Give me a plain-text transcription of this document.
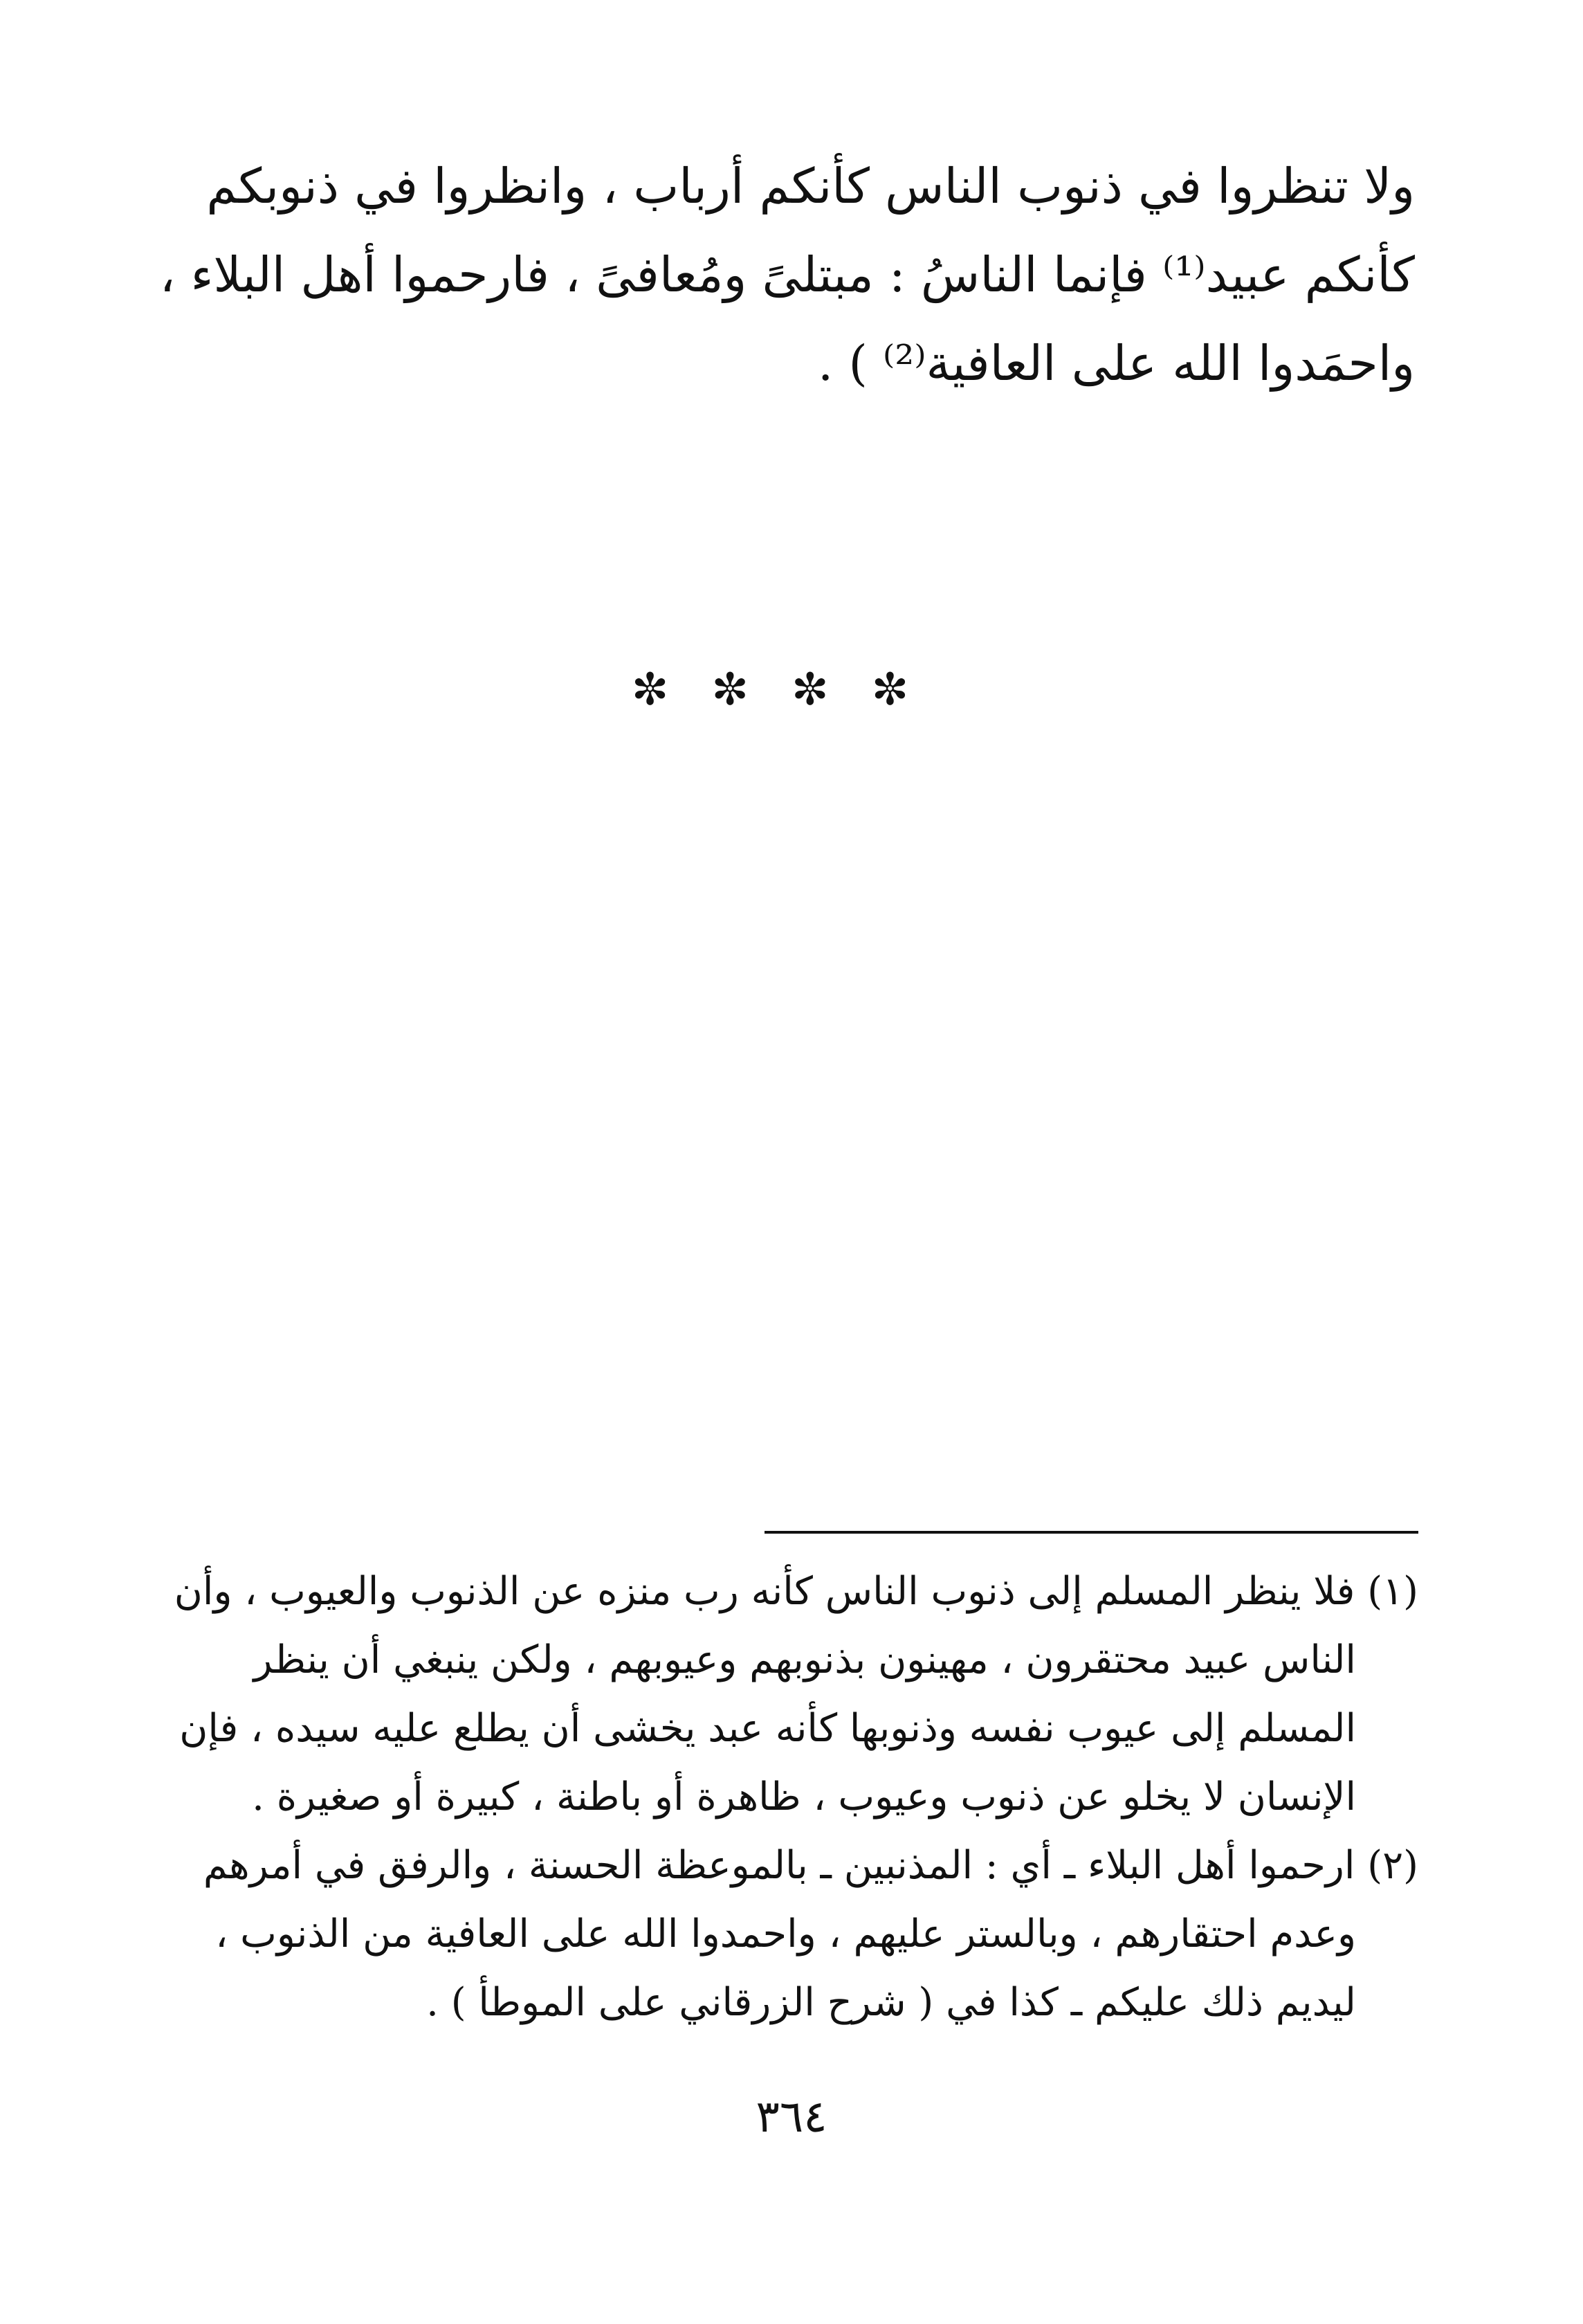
ولا تنظروا في ذنوب الناس كأنكم أرباب ، وانظروا في ذنوبكم
كأنكم عبيد⁽¹⁾ فإنما الناسُ : مبتلىً ومُعافىً ، فارحموا أهل البلاء ،
واحمَدوا الله على العافية⁽²⁾ ) .
✼✼✼✼
(١) فلا ينظر المسلم إلى ذنوب الناس كأنه رب منزه عن الذنوب والعيوب ، وأن
الناس عبيد محتقرون ، مهينون بذنوبهم وعيوبهم ، ولكن ينبغي أن ينظر
المسلم إلى عيوب نفسه وذنوبها كأنه عبد يخشى أن يطلع عليه سيده ، فإن
الإنسان لا يخلو عن ذنوب وعيوب ، ظاهرة أو باطنة ، كبيرة أو صغيرة .
(٢) ارحموا أهل البلاء ـ أي : المذنبين ـ بالموعظة الحسنة ، والرفق في أمرهم
وعدم احتقارهم ، وبالستر عليهم ، واحمدوا الله على العافية من الذنوب ،
ليديم ذلك عليكم ـ كذا في ( شرح الزرقاني على الموطأ ) .
٣٦٤
